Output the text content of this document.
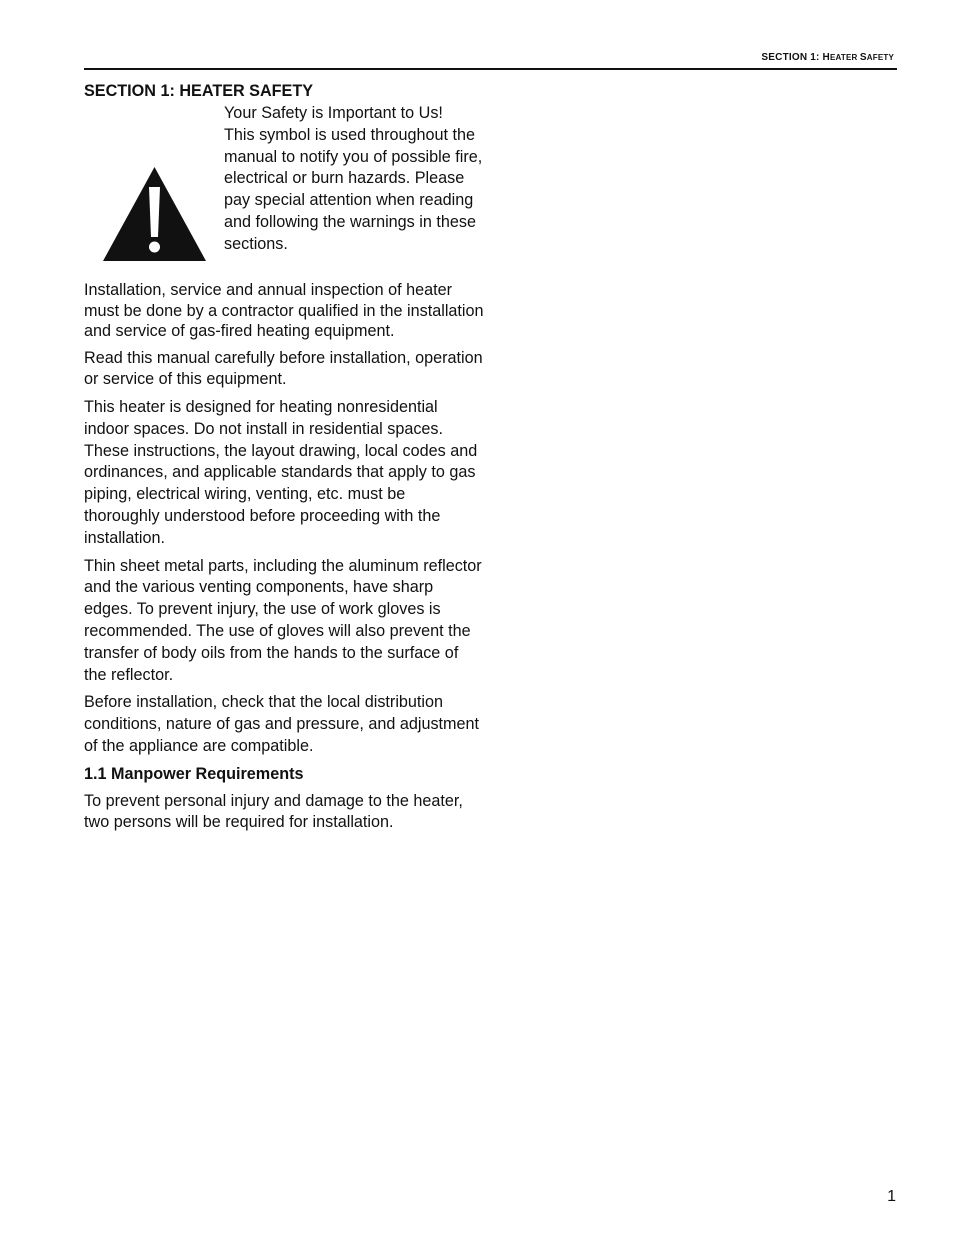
SECTION 1: HEATER SAFETY
SECTION 1: HEATER SAFETY

Your Safety is Important to Us!

This symbol is used throughout the manual to notify you of possible fire, electrical or burn hazards. Please pay special attention when reading and following the warnings in these sections.

Installation, service and annual inspection of heater must be done by a contractor qualified in the installation and service of gas-fired heating equipment.

Read this manual carefully before installation, operation or service of this equipment.

This heater is designed for heating nonresidential indoor spaces. Do not install in residential spaces. These instructions, the layout drawing, local codes and ordinances, and applicable standards that apply to gas piping, electrical wiring, venting, etc. must be thoroughly understood before proceeding with the installation.

Thin sheet metal parts, including the aluminum reflector and the various venting components, have sharp edges. To prevent injury, the use of work gloves is recommended. The use of gloves will also prevent the transfer of body oils from the hands to the surface of the reflector.

Before installation, check that the local distribution conditions, nature of gas and pressure, and adjustment of the appliance are compatible.

1.1 Manpower Requirements

To prevent personal injury and damage to the heater, two persons will be required for installation.

1
